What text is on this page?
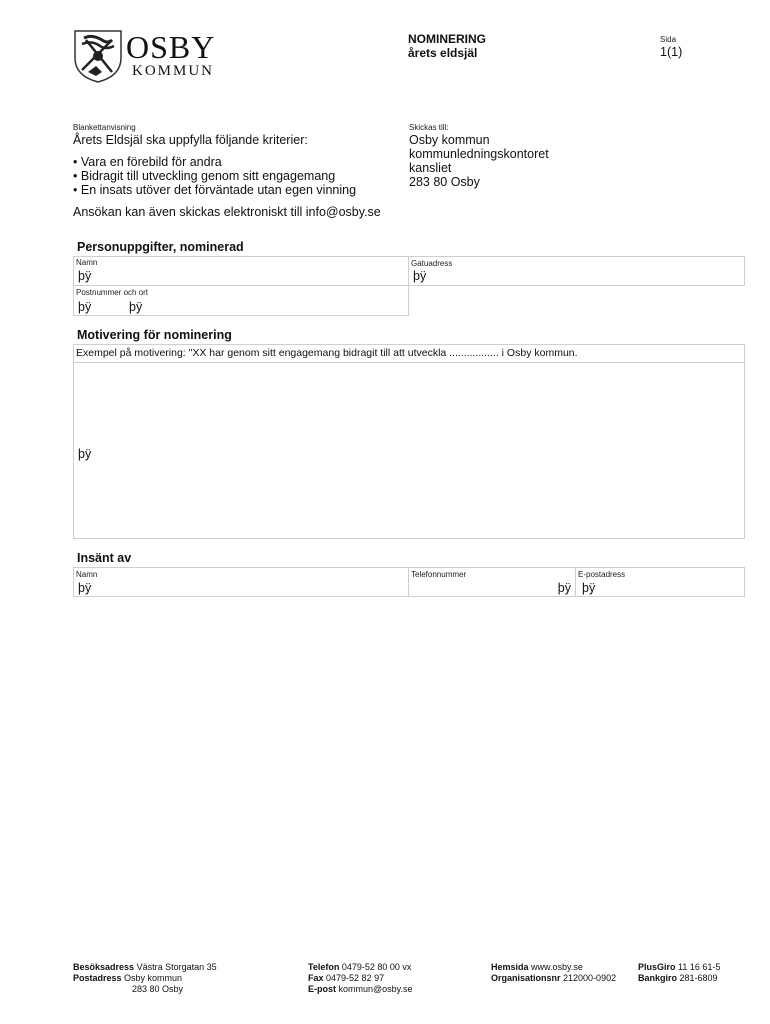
OSBY
KOMMUN
NOMINERING
årets eldsjäl
Sida
1(1)
Blankettanvisning
Årets Eldsjäl ska uppfylla följande kriterier:
• Vara en förebild för andra
• Bidragit till utveckling genom sitt engagemang
• En insats utöver det förväntade utan egen vinning
Ansökan kan även skickas elektroniskt till info@osby.se
Skickas till:
Osby kommun
kommunledningskontoret
kansliet
283 80 Osby
Personuppgifter, nominerad
Namn
þÿ
Gatuadress
þÿ
Postnummer och ort
þÿ	þÿ
Motivering för nominering
Exempel på motivering: "XX har genom sitt engagemang bidragit till att utveckla ................. i Osby kommun.
þÿ
Insänt av
Namn
þÿ
Telefonnummer
þÿ
E-postadress
þÿ
Besöksadress Västra Storgatan 35
Postadress Osby kommun
283 80 Osby
Telefon 0479-52 80 00 vx
Fax 0479-52 82 97
E-post kommun@osby.se
Hemsida www.osby.se
Organisationsnr 212000-0902
PlusGiro 11 16 61-5
Bankgiro 281-6809
